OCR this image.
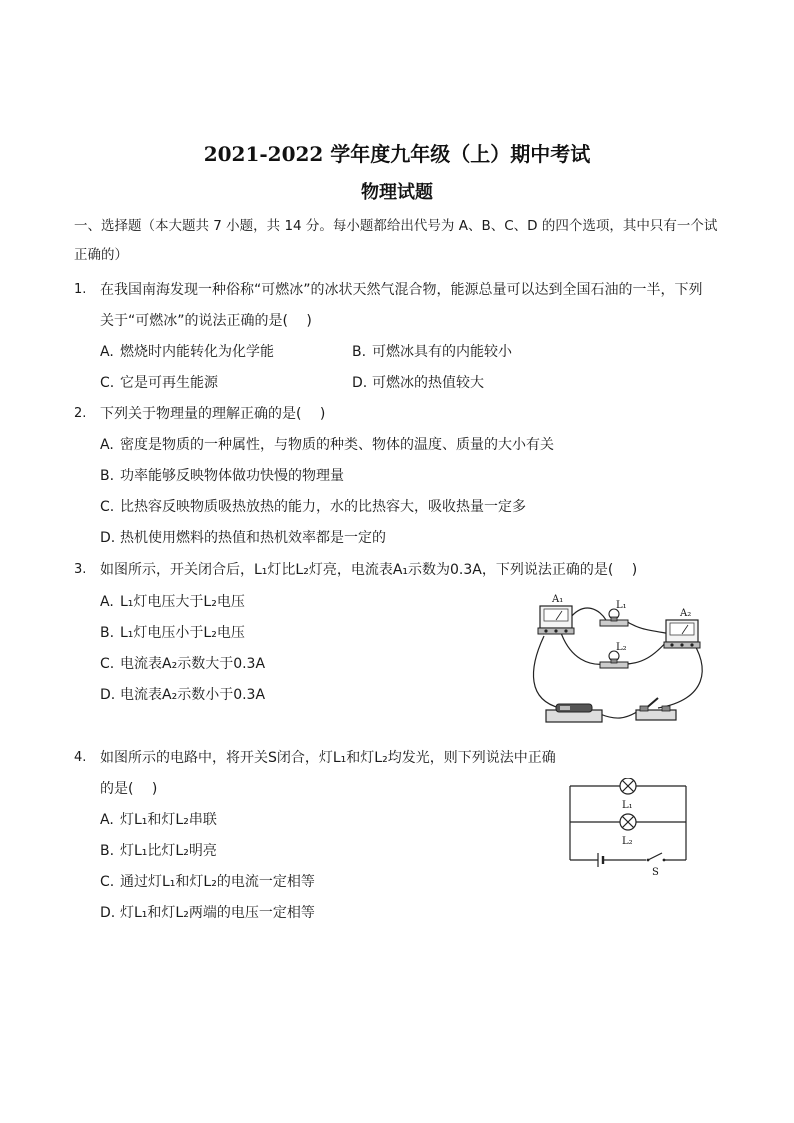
2021-2022 学年度九年级（上）期中考试
物理试题
一、选择题（本大题共 7 小题，共 14 分。每小题都给出代号为 A、B、C、D 的四个选项，其中只有一个试
正确的）
1. 在我国南海发现一种俗称“可燃冰”的冰状天然气混合物，能源总量可以达到全国石油的一半，下列
关于“可燃冰”的说法正确的是(　 )
A. 燃烧时内能转化为化学能	B. 可燃冰具有的内能较小
C. 它是可再生能源	D. 可燃冰的热值较大
2. 下列关于物理量的理解正确的是(　 )
A. 密度是物质的一种属性，与物质的种类、物体的温度、质量的大小有关
B. 功率能够反映物体做功快慢的物理量
C. 比热容反映物质吸热放热的能力，水的比热容大，吸收热量一定多
D. 热机使用燃料的热值和热机效率都是一定的
3. 如图所示，开关闭合后，L₁灯比L₂灯亮，电流表A₁示数为0.3A，下列说法正确的是(　 )
A. L₁灯电压大于L₂电压
B. L₁灯电压小于L₂电压
C. 电流表A₂示数大于0.3A
D. 电流表A₂示数小于0.3A
A₁
L₁
L₂
A₂
4. 如图所示的电路中，将开关S闭合，灯L₁和灯L₂均发光，则下列说法中正确
的是(　 )
A. 灯L₁和灯L₂串联
B. 灯L₁比灯L₂明亮
C. 通过灯L₁和灯L₂的电流一定相等
D. 灯L₁和灯L₂两端的电压一定相等
L₁
L₂
S
